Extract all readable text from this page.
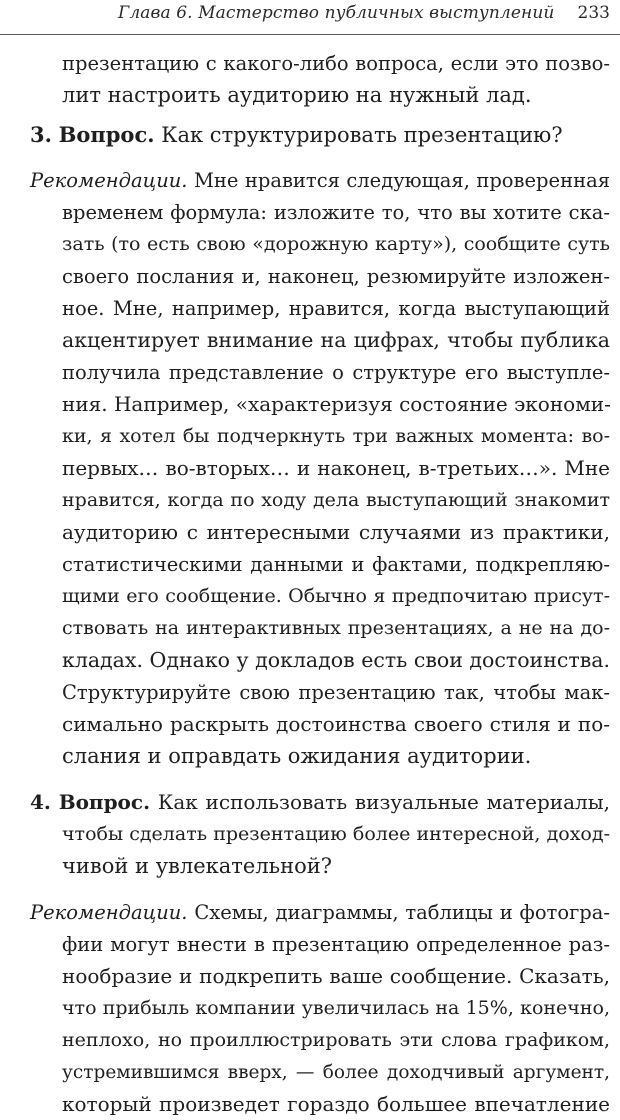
Глава 6. Мастерство публичных выступлений 233
презентацию с какого-либо вопроса, если это позво-
лит настроить аудиторию на нужный лад.
3. Вопрос. Как структурировать презентацию?
Рекомендации. Мне нравится следующая, проверенная
временем формула: изложите то, что вы хотите ска-
зать (то есть свою «дорожную карту»), сообщите суть
своего послания и, наконец, резюмируйте изложен-
ное. Мне, например, нравится, когда выступающий
акцентирует внимание на цифрах, чтобы публика
получила представление о структуре его выступле-
ния. Например, «характеризуя состояние экономи-
ки, я хотел бы подчеркнуть три важных момента: во-
первых… во-вторых… и наконец, в-третьих…». Мне
нравится, когда по ходу дела выступающий знакомит
аудиторию с интересными случаями из практики,
статистическими данными и фактами, подкрепляю-
щими его сообщение. Обычно я предпочитаю присут-
ствовать на интерактивных презентациях, а не на до-
кладах. Однако у докладов есть свои достоинства.
Структурируйте свою презентацию так, чтобы мак-
симально раскрыть достоинства своего стиля и по-
слания и оправдать ожидания аудитории.
4. Вопрос. Как использовать визуальные материалы,
чтобы сделать презентацию более интересной, доход-
чивой и увлекательной?
Рекомендации. Схемы, диаграммы, таблицы и фотогра-
фии могут внести в презентацию определенное раз-
нообразие и подкрепить ваше сообщение. Сказать,
что прибыль компании увеличилась на 15%, конечно,
неплохо, но проиллюстрировать эти слова графиком,
устремившимся вверх, — более доходчивый аргумент,
который произведет гораздо большее впечатление
